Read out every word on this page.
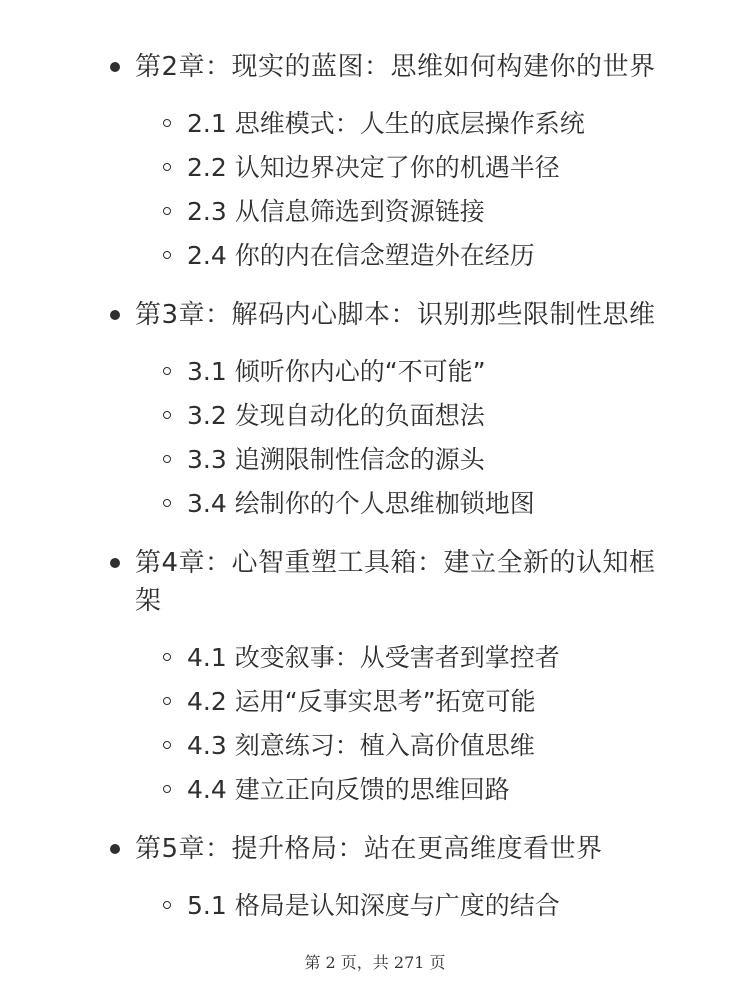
第2章：现实的蓝图：思维如何构建你的世界
2.1 思维模式：人生的底层操作系统
2.2 认知边界决定了你的机遇半径
2.3 从信息筛选到资源链接
2.4 你的内在信念塑造外在经历
第3章：解码内心脚本：识别那些限制性思维
3.1 倾听你内心的“不可能”
3.2 发现自动化的负面想法
3.3 追溯限制性信念的源头
3.4 绘制你的个人思维枷锁地图
第4章：心智重塑工具箱：建立全新的认知框架
4.1 改变叙事：从受害者到掌控者
4.2 运用“反事实思考”拓宽可能
4.3 刻意练习：植入高价值思维
4.4 建立正向反馈的思维回路
第5章：提升格局：站在更高维度看世界
5.1 格局是认知深度与广度的结合
第 2 页，共 271 页
